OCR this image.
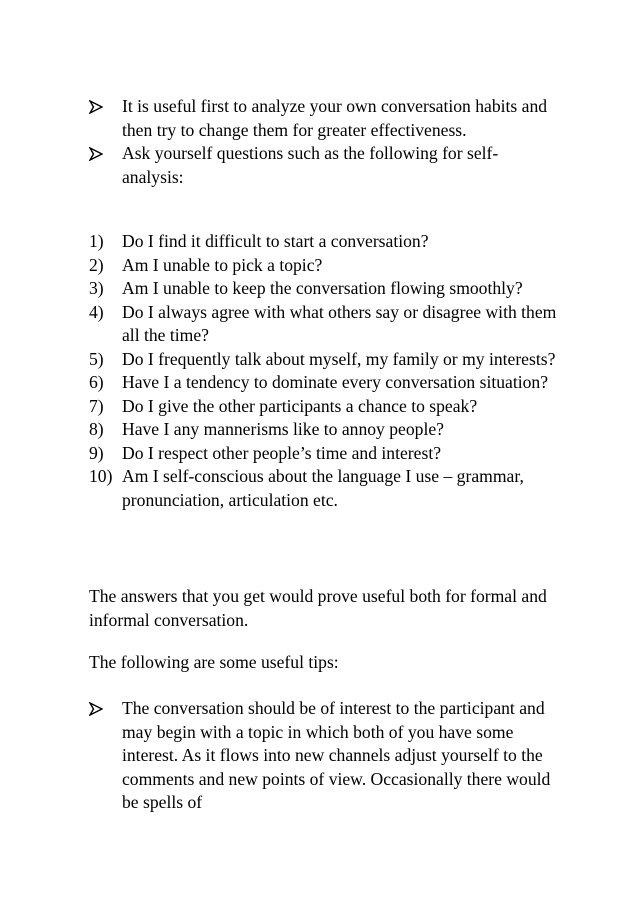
It is useful first to analyze your own conversation habits and then try to change them for greater effectiveness.
Ask yourself questions such as the following for self-analysis:
1) Do I find it difficult to start a conversation?
2) Am I unable to pick a topic?
3) Am I unable to keep the conversation flowing smoothly?
4) Do I always agree with what others say or disagree with them all the time?
5) Do I frequently talk about myself, my family or my interests?
6) Have I a tendency to dominate every conversation situation?
7) Do I give the other participants a chance to speak?
8) Have I any mannerisms like to annoy people?
9) Do I respect other people’s time and interest?
10) Am I self-conscious about the language I use – grammar, pronunciation, articulation etc.

The answers that you get would prove useful both for formal and informal conversation.

The following are some useful tips:

The conversation should be of interest to the participant and may begin with a topic in which both of you have some interest. As it flows into new channels adjust yourself to the comments and new points of view. Occasionally there would be spells of
